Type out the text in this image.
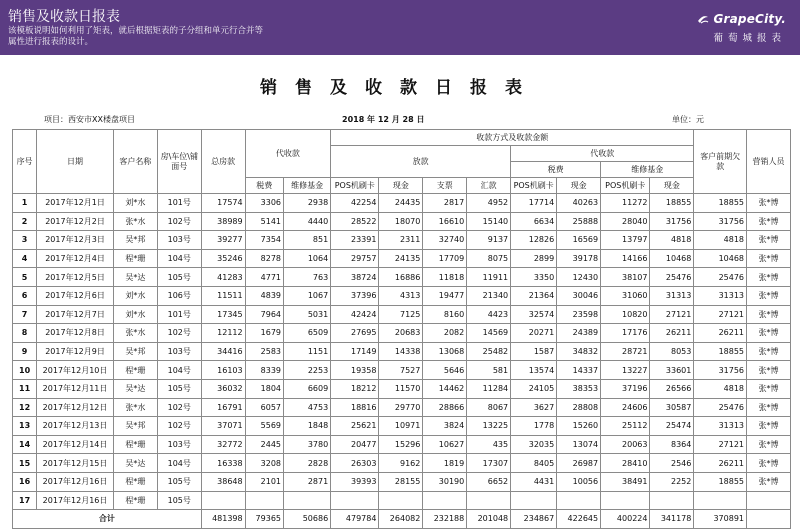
销售及收款日报表
该模板说明如何利用了矩表，就后根据矩表的子分组和单元行合并等
属性进行报表的设计。
GrapeCity.
葡萄城报表
销售及收款日报表
项目：西安市XX楼盘项目	2018 年 12 月 28 日	单位：元
序号	日期	客户名称	房\车位\铺面号	总房款	代收款		收款方式及收款金额								客户前期欠款	营销人员
							放款				代收款					
											税费		维修基金			
					税费	维修基金	POS机刷卡	现金	支票	汇款	POS机刷卡	现金	POS机刷卡	现金		
1	2017年12月1日	刘*水	101号	17574	3306	2938	42254	24435	2817	4952	17714	40263	11272	18855	18855	张*博
2	2017年12月2日	张*水	102号	38989	5141	4440	28522	18070	16610	15140	6634	25888	28040	31756	31756	张*博
3	2017年12月3日	吴*邦	103号	39277	7354	851	23391	2311	32740	9137	12826	16569	13797	4818	4818	张*博
4	2017年12月4日	程*珊	104号	35246	8278	1064	29757	24135	17709	8075	2899	39178	14166	10468	10468	张*博
5	2017年12月5日	吴*达	105号	41283	4771	763	38724	16886	11818	11911	3350	12430	38107	25476	25476	张*博
6	2017年12月6日	刘*水	106号	11511	4839	1067	37396	4313	19477	21340	21364	30046	31060	31313	31313	张*博
7	2017年12月7日	刘*水	101号	17345	7964	5031	42424	7125	8160	4423	32574	23598	10820	27121	27121	张*博
8	2017年12月8日	张*水	102号	12112	1679	6509	27695	20683	2082	14569	20271	24389	17176	26211	26211	张*博
9	2017年12月9日	吴*邦	103号	34416	2583	1151	17149	14338	13068	25482	1587	34832	28721	8053	18855	张*博
10	2017年12月10日	程*珊	104号	16103	8339	2253	19358	7527	5646	581	13574	14337	13227	33601	31756	张*博
11	2017年12月11日	吴*达	105号	36032	1804	6609	18212	11570	14462	11284	24105	38353	37196	26566	4818	张*博
12	2017年12月12日	张*水	102号	16791	6057	4753	18816	29770	28866	8067	3627	28808	24606	30587	25476	张*博
13	2017年12月13日	吴*邦	102号	37071	5569	1848	25621	10971	3824	13225	1778	15260	25112	25474	31313	张*博
14	2017年12月14日	程*珊	103号	32772	2445	3780	20477	15296	10627	435	32035	13074	20063	8364	27121	张*博
15	2017年12月15日	吴*达	104号	16338	3208	2828	26303	9162	1819	17307	8405	26987	28410	2546	26211	张*博
16	2017年12月16日	程*珊	105号	38648	2101	2871	39393	28155	30190	6652	4431	10056	38491	2252	18855	张*博
17	2017年12月16日	程*珊	105号													
合计				481398	79365	50686	479784	264082	232188	201048	234867	422645	400224	341178	370891	
